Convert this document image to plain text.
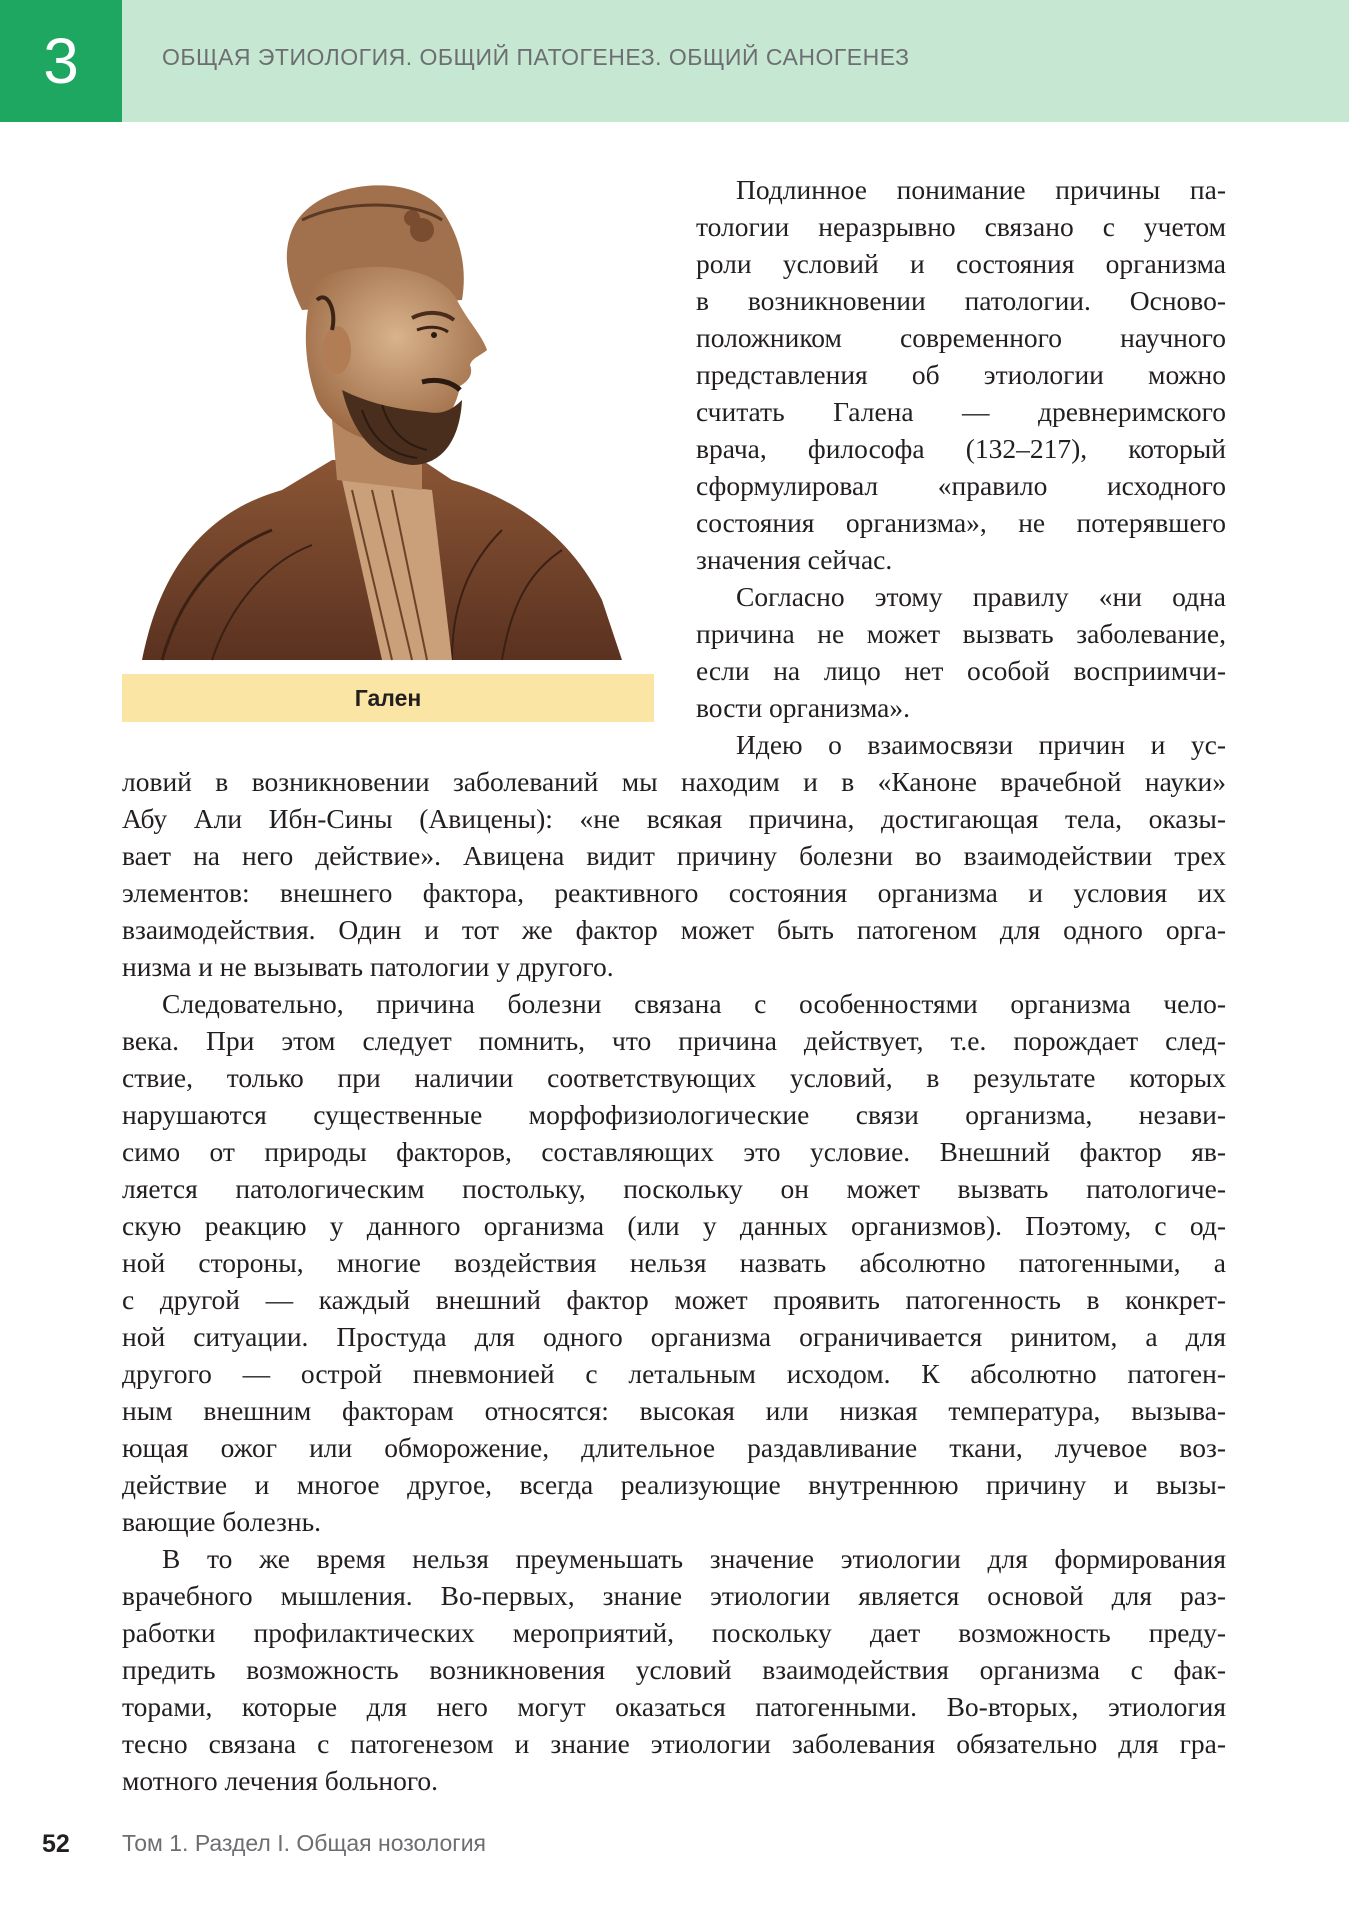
3	ОБЩАЯ ЭТИОЛОГИЯ. ОБЩИЙ ПАТОГЕНЕЗ. ОБЩИЙ САНОГЕНЕЗ
Гален
Подлинное понимание причины па-
тологии неразрывно связано с учетом
роли условий и состояния организма
в возникновении патологии. Осново-
положником современного научного
представления об этиологии можно
считать Галена — древнеримского
врача, философа (132–217), который
сформулировал «правило исходного
состояния организма», не потерявшего
значения сейчас.
Согласно этому правилу «ни одна
причина не может вызвать заболевание,
если на лицо нет особой восприимчи-
вости организма».
Идею о взаимосвязи причин и ус-
ловий в возникновении заболеваний мы находим и в «Каноне врачебной науки»
Абу Али Ибн-Сины (Авицены): «не всякая причина, достигающая тела, оказы-
вает на него действие». Авицена видит причину болезни во взаимодействии трех
элементов: внешнего фактора, реактивного состояния организма и условия их
взаимодействия. Один и тот же фактор может быть патогеном для одного орга-
низма и не вызывать патологии у другого.
Следовательно, причина болезни связана с особенностями организма чело-
века. При этом следует помнить, что причина действует, т.е. порождает след-
ствие, только при наличии соответствующих условий, в результате которых
нарушаются существенные морфофизиологические связи организма, незави-
симо от природы факторов, составляющих это условие. Внешний фактор яв-
ляется патологическим постольку, поскольку он может вызвать патологиче-
скую реакцию у данного организма (или у данных организмов). Поэтому, с од-
ной стороны, многие воздействия нельзя назвать абсолютно патогенными, а
с другой — каждый внешний фактор может проявить патогенность в конкрет-
ной ситуации. Простуда для одного организма ограничивается ринитом, а для
другого — острой пневмонией с летальным исходом. К абсолютно патоген-
ным внешним факторам относятся: высокая или низкая температура, вызыва-
ющая ожог или обморожение, длительное раздавливание ткани, лучевое воз-
действие и многое другое, всегда реализующие внутреннюю причину и вызы-
вающие болезнь.
В то же время нельзя преуменьшать значение этиологии для формирования
врачебного мышления. Во-первых, знание этиологии является основой для раз-
работки профилактических мероприятий, поскольку дает возможность преду-
предить возможность возникновения условий взаимодействия организма с фак-
торами, которые для него могут оказаться патогенными. Во-вторых, этиология
тесно связана с патогенезом и знание этиологии заболевания обязательно для гра-
мотного лечения больного.
52 Том 1. Раздел I. Общая нозология
